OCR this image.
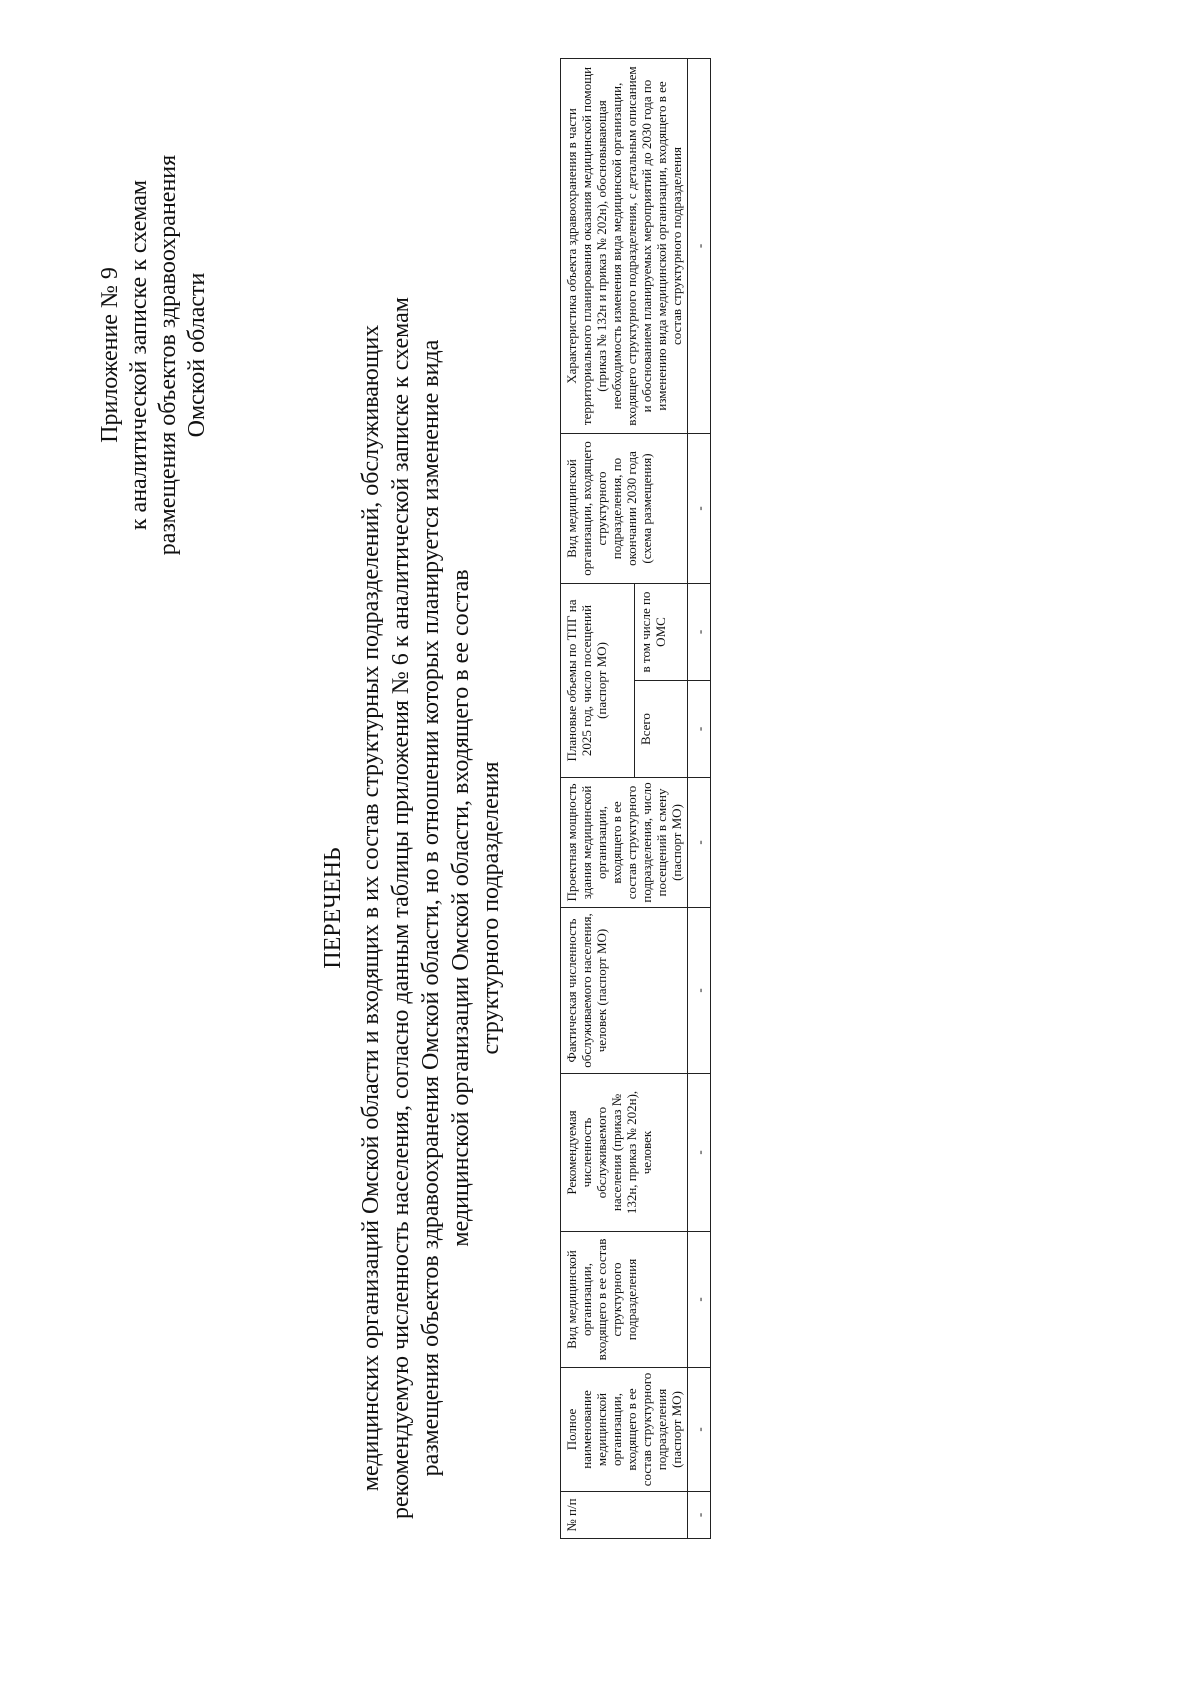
Приложение № 9 к аналитической записке к схемам размещения объектов здравоохранения Омской области
ПЕРЕЧЕНЬ медицинских организаций Омской области и входящих в их состав структурных подразделений, обслуживающих рекомендуемую численность населения, согласно данным таблицы приложения № 6 к аналитической записке к схемам размещения объектов здравоохранения Омской области, но в отношении которых планируется изменение вида медицинской организации Омской области, входящего в ее состав структурного подразделения
№ п/п	Полное наименование медицинской организации, входящего в ее состав структурного подразделения (паспорт МО)	Вид медицинской организации, входящего в ее состав структурного подразделения	Рекомендуемая численность обслуживаемого населения (приказ № 132н, приказ № 202н), человек	Фактическая численность обслуживаемого населения, человек (паспорт МО)	Проектная мощность здания медицинской организации, входящего в ее состав структурного подразделения, число посещений в смену (паспорт МО)	Плановые объемы по ТПГ на 2025 год, число посещений (паспорт МО)		Вид медицинской организации, входящего структурного подразделения, по окончании 2030 года (схема размещения)	Характеристика объекта здравоохранения в части территориального планирования оказания медицинской помощи (приказ № 132н и приказ № 202н), обосновывающая необходимость изменения вида медицинской организации, входящего структурного подразделения, с детальным описанием и обоснованием планируемых мероприятий до 2030 года по изменению вида медицинской организации, входящего в ее состав структурного подразделения
						Всего	в том числе по ОМС		
-	-	-	-	-	-	-	-	-	-
